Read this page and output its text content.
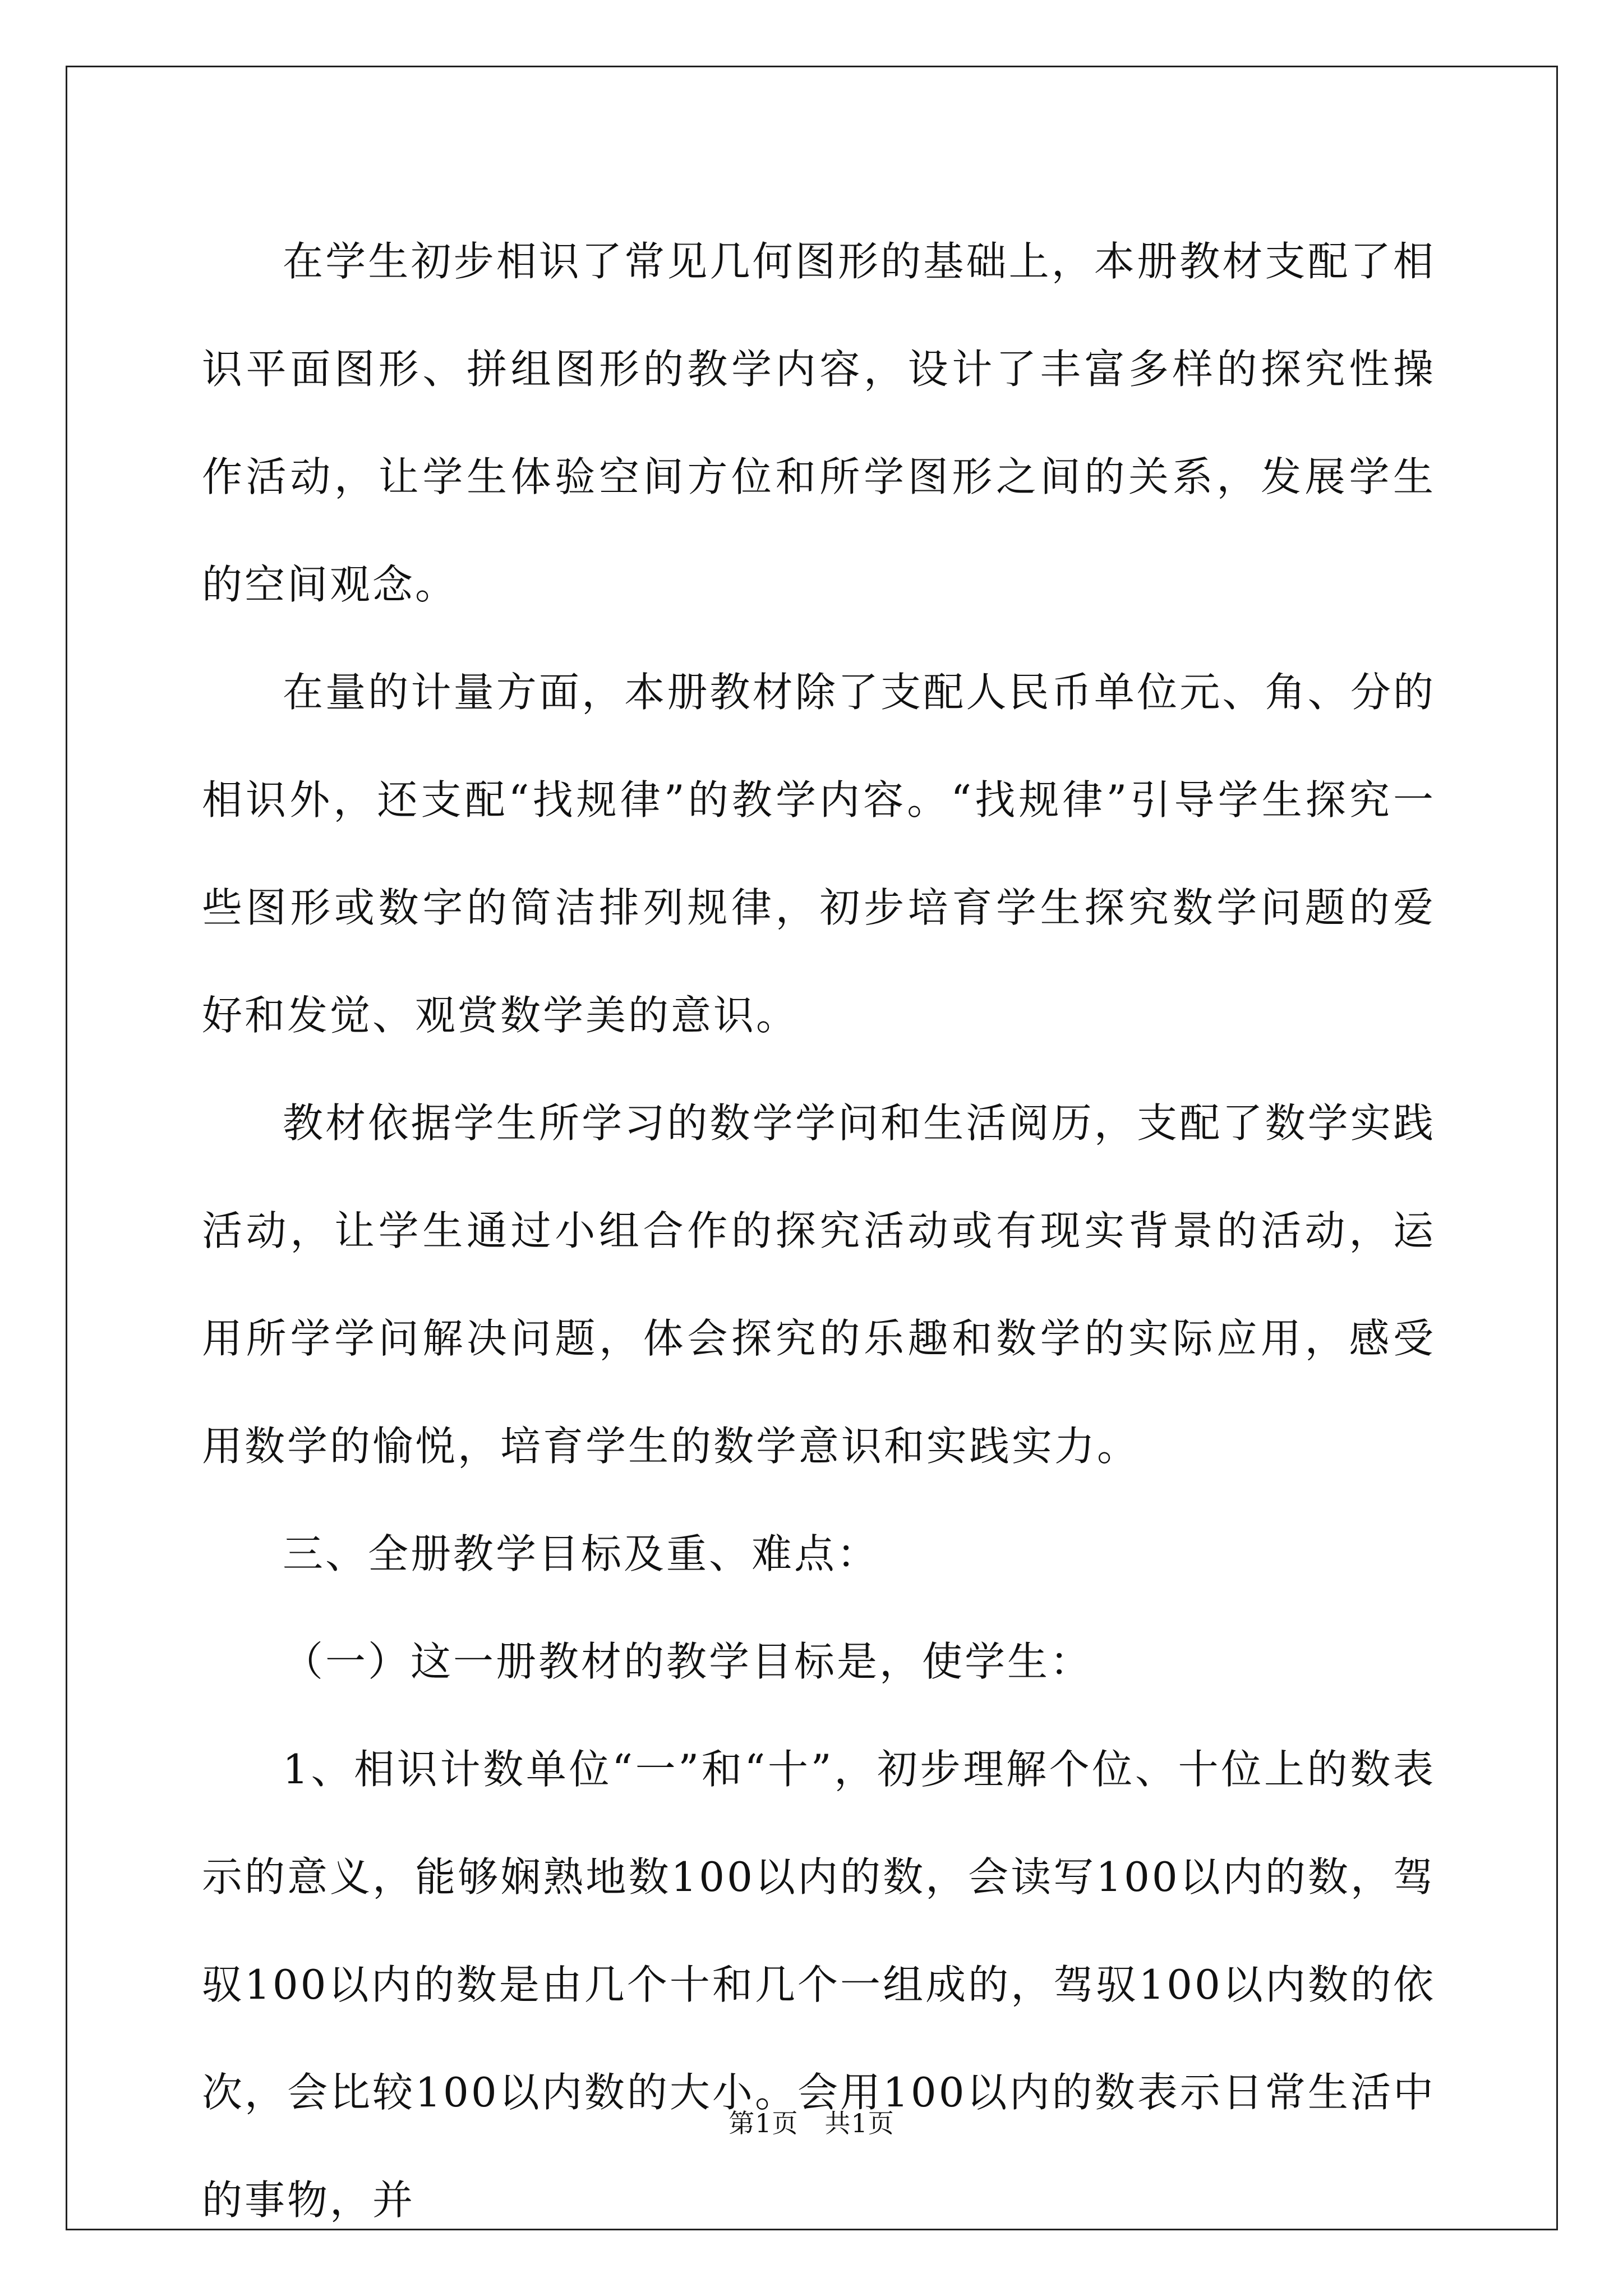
在学生初步相识了常见几何图形的基础上，本册教材支配了相识平面图形、拼组图形的教学内容，设计了丰富多样的探究性操作活动，让学生体验空间方位和所学图形之间的关系，发展学生的空间观念。

在量的计量方面，本册教材除了支配人民币单位元、角、分的相识外，还支配“找规律”的教学内容。“找规律”引导学生探究一些图形或数字的简洁排列规律，初步培育学生探究数学问题的爱好和发觉、观赏数学美的意识。

教材依据学生所学习的数学学问和生活阅历，支配了数学实践活动，让学生通过小组合作的探究活动或有现实背景的活动，运用所学学问解决问题，体会探究的乐趣和数学的实际应用，感受用数学的愉悦，培育学生的数学意识和实践实力。

三、全册教学目标及重、难点：

（一）这一册教材的教学目标是，使学生：

1、相识计数单位“一”和“十”，初步理解个位、十位上的数表示的意义，能够娴熟地数100以内的数，会读写100以内的数，驾驭100以内的数是由几个十和几个一组成的，驾驭100以内数的依次，会比较100以内数的大小。会用100以内的数表示日常生活中的事物，并

第1页　共1页
